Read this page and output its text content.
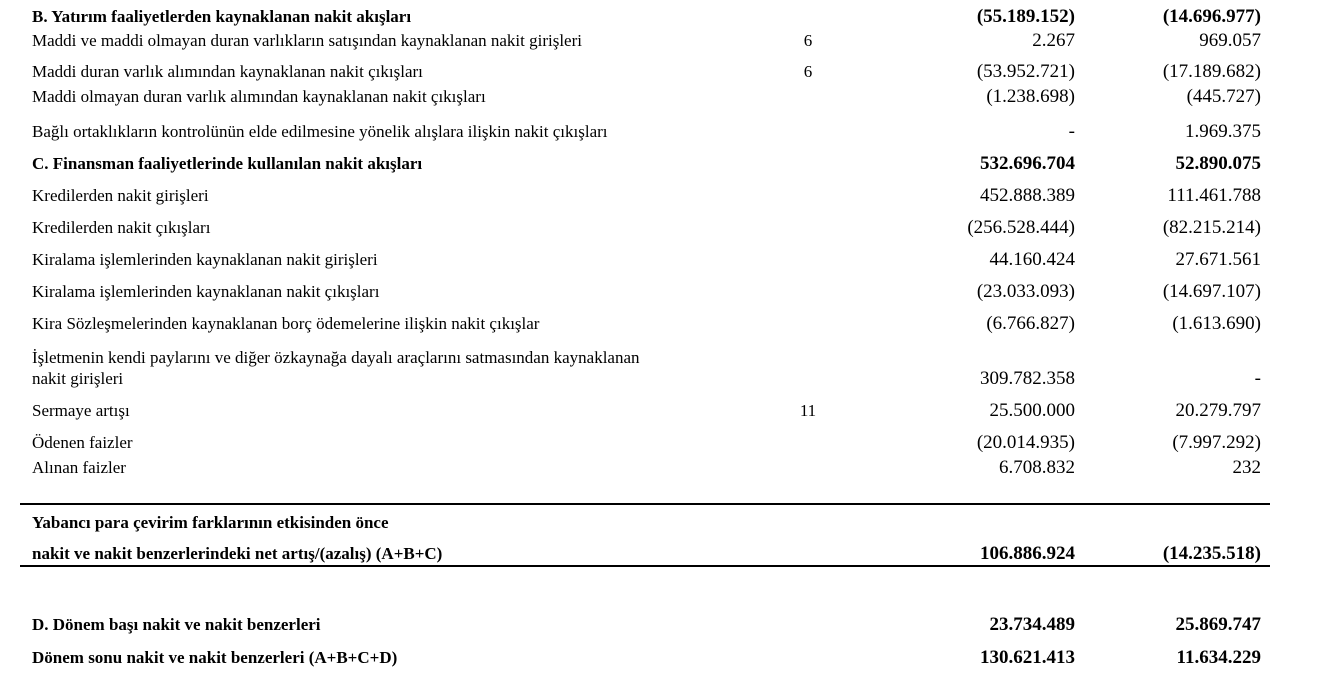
B. Yatırım faaliyetlerden kaynaklanan nakit akışları	(55.189.152)	(14.696.977)
Maddi ve maddi olmayan duran varlıkların satışından kaynaklanan nakit girişleri	6	2.267	969.057
Maddi duran varlık alımından kaynaklanan nakit çıkışları	6	(53.952.721)	(17.189.682)
Maddi olmayan duran varlık alımından kaynaklanan nakit çıkışları	(1.238.698)	(445.727)
Bağlı ortaklıkların kontrolünün elde edilmesine yönelik alışlara ilişkin nakit çıkışları	-	1.969.375
C. Finansman faaliyetlerinde kullanılan nakit akışları	532.696.704	52.890.075
Kredilerden nakit girişleri	452.888.389	111.461.788
Kredilerden nakit çıkışları	(256.528.444)	(82.215.214)
Kiralama işlemlerinden kaynaklanan nakit girişleri	44.160.424	27.671.561
Kiralama işlemlerinden kaynaklanan nakit çıkışları	(23.033.093)	(14.697.107)
Kira Sözleşmelerinden kaynaklanan borç ödemelerine ilişkin nakit çıkışlar	(6.766.827)	(1.613.690)
İşletmenin kendi paylarını ve diğer özkaynağa dayalı araçlarını satmasından kaynaklanan
nakit girişleri	309.782.358	-
Sermaye artışı	11	25.500.000	20.279.797
Ödenen faizler	(20.014.935)	(7.997.292)
Alınan faizler	6.708.832	232
Yabancı para çevirim farklarının etkisinden önce
nakit ve nakit benzerlerindeki net artış/(azalış) (A+B+C)	106.886.924	(14.235.518)
D. Dönem başı nakit ve nakit benzerleri	23.734.489	25.869.747
Dönem sonu nakit ve nakit benzerleri (A+B+C+D)	130.621.413	11.634.229
